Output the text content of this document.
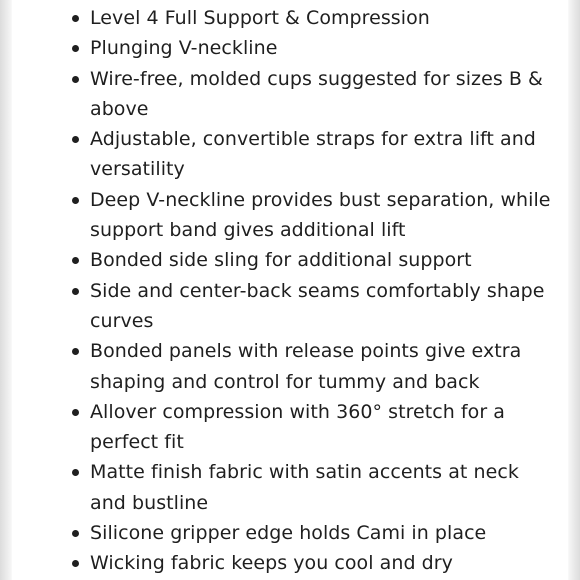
Level 4 Full Support & Compression
Plunging V-neckline
Wire-free, molded cups suggested for sizes B & above
Adjustable, convertible straps for extra lift and versatility
Deep V-neckline provides bust separation, while support band gives additional lift
Bonded side sling for additional support
Side and center-back seams comfortably shape curves
Bonded panels with release points give extra shaping and control for tummy and back
Allover compression with 360° stretch for a perfect fit
Matte finish fabric with satin accents at neck and bustline
Silicone gripper edge holds Cami in place
Wicking fabric keeps you cool and dry
